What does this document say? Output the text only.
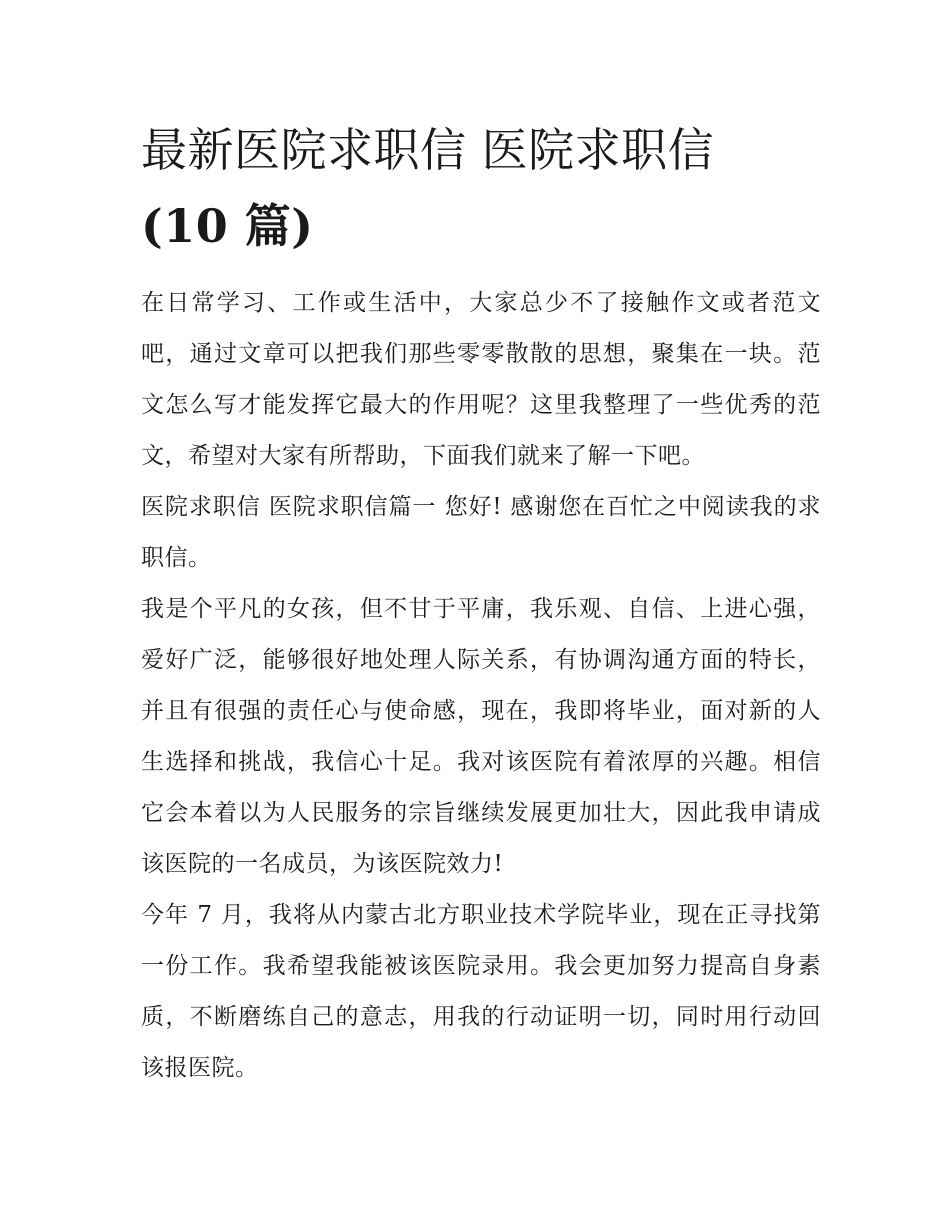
最新医院求职信 医院求职信
(10 篇)

在日常学习、工作或生活中，大家总少不了接触作文或者范文吧，通过文章可以把我们那些零零散散的思想，聚集在一块。范文怎么写才能发挥它最大的作用呢？这里我整理了一些优秀的范文，希望对大家有所帮助，下面我们就来了解一下吧。

医院求职信 医院求职信篇一 您好! 感谢您在百忙之中阅读我的求职信。

我是个平凡的女孩，但不甘于平庸，我乐观、自信、上进心强，爱好广泛，能够很好地处理人际关系，有协调沟通方面的特长，并且有很强的责任心与使命感，现在，我即将毕业，面对新的人生选择和挑战，我信心十足。我对该医院有着浓厚的兴趣。相信它会本着以为人民服务的宗旨继续发展更加壮大，因此我申请成该医院的一名成员，为该医院效力!

今年 7 月，我将从内蒙古北方职业技术学院毕业，现在正寻找第一份工作。我希望我能被该医院录用。我会更加努力提高自身素质，不断磨练自己的意志，用我的行动证明一切，同时用行动回该报医院。
